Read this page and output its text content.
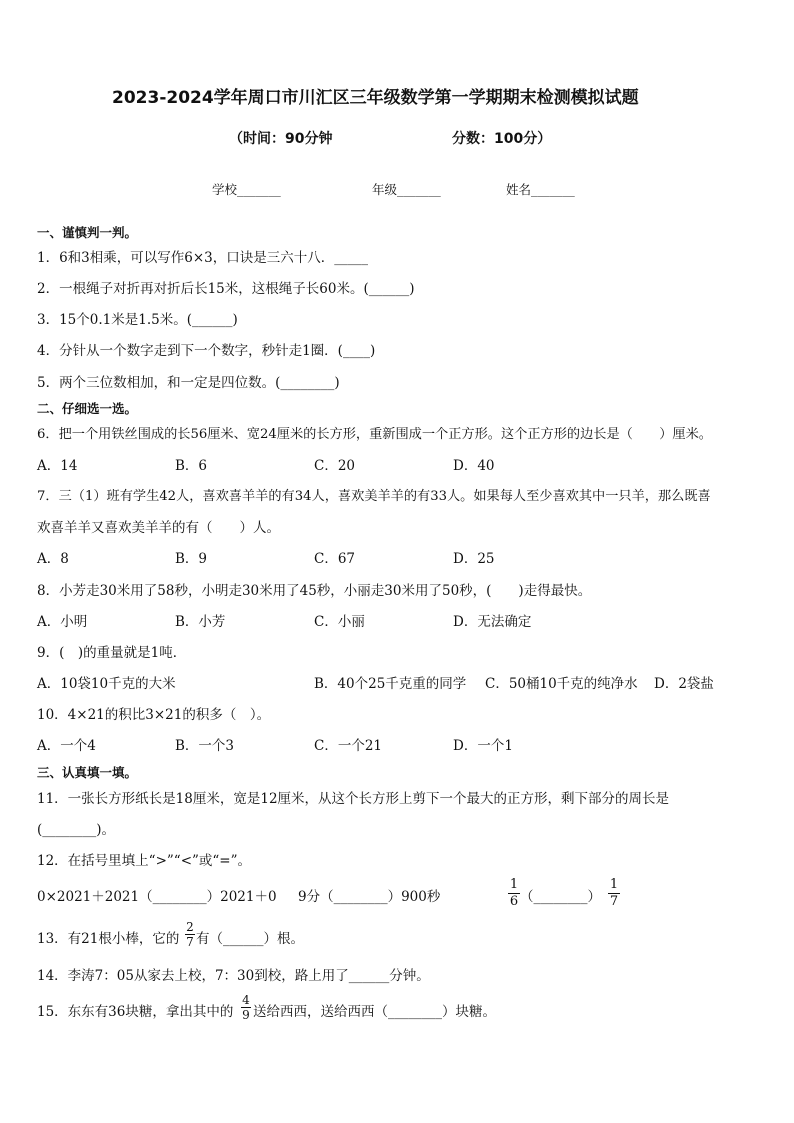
2023-2024学年周口市川汇区三年级数学第一学期期末检测模拟试题
（时间：90分钟	分数：100分）
学校_______	年级_______	姓名_______
一、谨慎判一判。
1．6和3相乘，可以写作6×3，口诀是三六十八．_____
2．一根绳子对折再对折后长15米，这根绳子长60米。(______)
3．15个0.1米是1.5米。(______)
4．分针从一个数字走到下一个数字，秒针走1圈．(____)
5．两个三位数相加，和一定是四位数。(________)
二、仔细选一选。
6．把一个用铁丝围成的长56厘米、宽24厘米的长方形，重新围成一个正方形。这个正方形的边长是（　　）厘米。
A．14	B．6	C．20	D．40
7．三（1）班有学生42人，喜欢喜羊羊的有34人，喜欢美羊羊的有33人。如果每人至少喜欢其中一只羊，那么既喜
欢喜羊羊又喜欢美羊羊的有（　　）人。
A．8	B．9	C．67	D．25
8．小芳走30米用了58秒，小明走30米用了45秒，小丽走30米用了50秒，(　　)走得最快。
A．小明	B．小芳	C．小丽	D．无法确定
9．(　)的重量就是1吨．
A．10袋10千克的大米	B．40个25千克重的同学 C．50桶10千克的纯净水 D．2袋盐
10．4×21的积比3×21的积多（　）。
A．一个4	B．一个3	C．一个21	D．一个1
三、认真填一填。
11．一张长方形纸长是18厘米，宽是12厘米，从这个长方形上剪下一个最大的正方形，剩下部分的周长是
(________)。
12．在括号里填上“>”“<”或“=”。
0×2021＋2021（________）2021＋0 9分（________）900秒
1
6 （________）
1
7
13．有21根小棒，它的
2
7 有（______）根。
14．李涛7：05从家去上校，7：30到校，路上用了______分钟。
15．东东有36块糖，拿出其中的
4
9 送给西西，送给西西（________）块糖。
